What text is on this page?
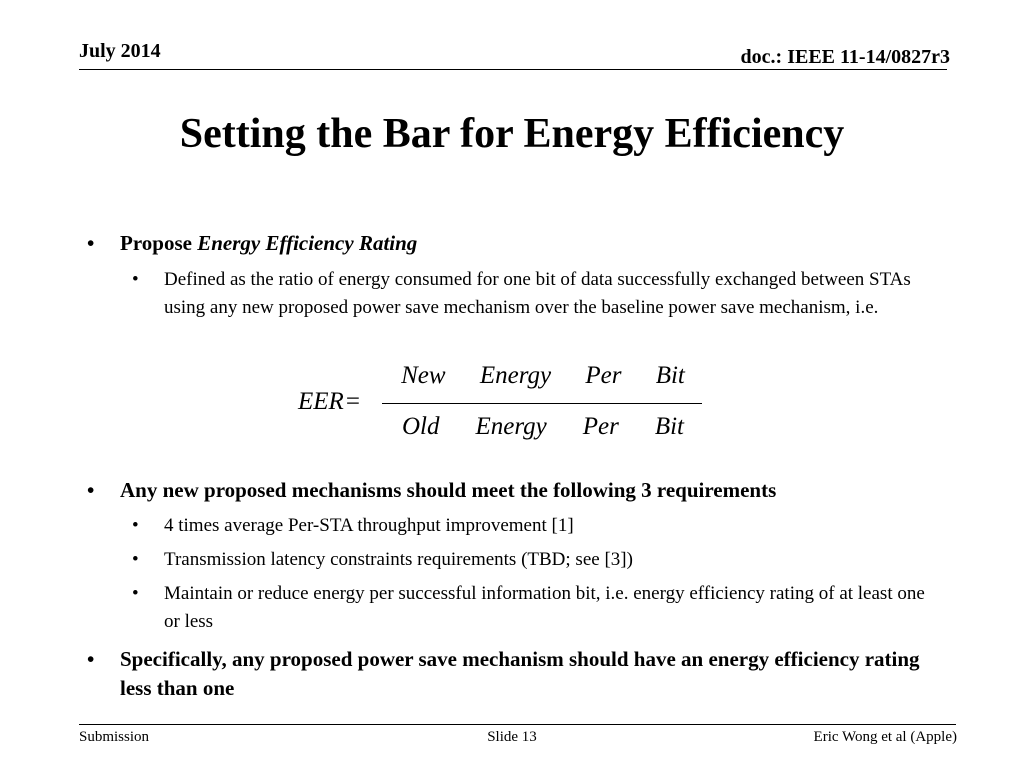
July 2014	doc.: IEEE 11-14/0827r3
Setting the Bar for Energy Efficiency
• Propose Energy Efficiency Rating
• Defined as the ratio of energy consumed for one bit of data successfully exchanged between STAs using any new proposed power save mechanism over the baseline power save mechanism, i.e.
EER=
New Energy Per Bit
Old Energy Per Bit
• Any new proposed mechanisms should meet the following 3 requirements
• 4 times average Per-STA throughput improvement [1]
• Transmission latency constraints requirements (TBD; see [3])
• Maintain or reduce energy per successful information bit, i.e. energy efficiency rating of at least one or less
• Specifically, any proposed power save mechanism should have an energy efficiency rating less than one
Submission	Slide 13	Eric Wong et al (Apple)
